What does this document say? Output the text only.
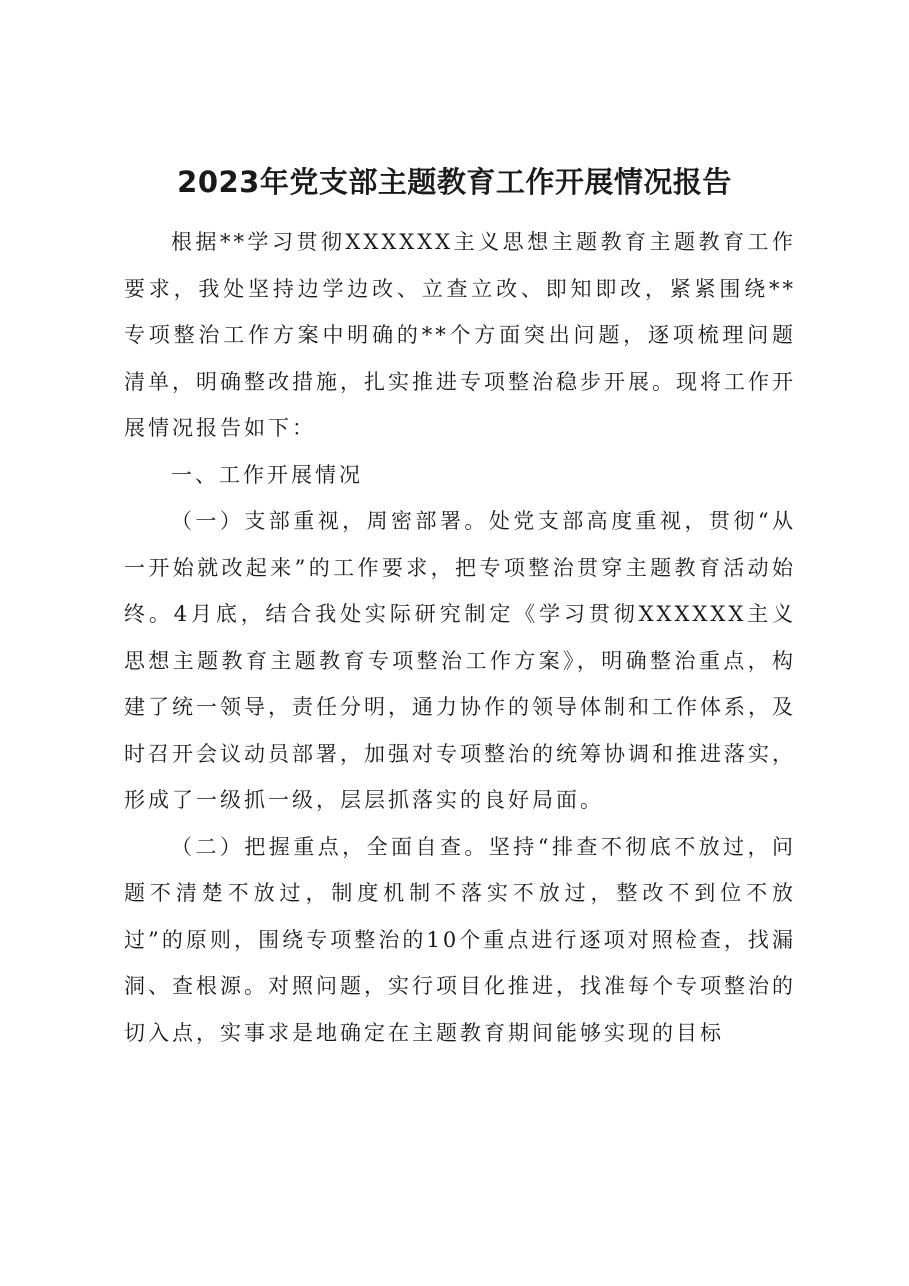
2023年党支部主题教育工作开展情况报告

根据**学习贯彻XXXXXX主义思想主题教育主题教育工作要求，我处坚持边学边改、立查立改、即知即改，紧紧围绕**专项整治工作方案中明确的**个方面突出问题，逐项梳理问题清单，明确整改措施，扎实推进专项整治稳步开展。现将工作开展情况报告如下：

一、工作开展情况

（一）支部重视，周密部署。处党支部高度重视，贯彻“从一开始就改起来”的工作要求，把专项整治贯穿主题教育活动始终。4月底，结合我处实际研究制定《学习贯彻XXXXXX主义思想主题教育主题教育专项整治工作方案》，明确整治重点，构建了统一领导，责任分明，通力协作的领导体制和工作体系，及时召开会议动员部署，加强对专项整治的统筹协调和推进落实，形成了一级抓一级，层层抓落实的良好局面。

（二）把握重点，全面自查。坚持“排查不彻底不放过，问题不清楚不放过，制度机制不落实不放过，整改不到位不放过”的原则，围绕专项整治的10个重点进行逐项对照检查，找漏洞、查根源。对照问题，实行项目化推进，找准每个专项整治的切入点，实事求是地确定在主题教育期间能够实现的目标
